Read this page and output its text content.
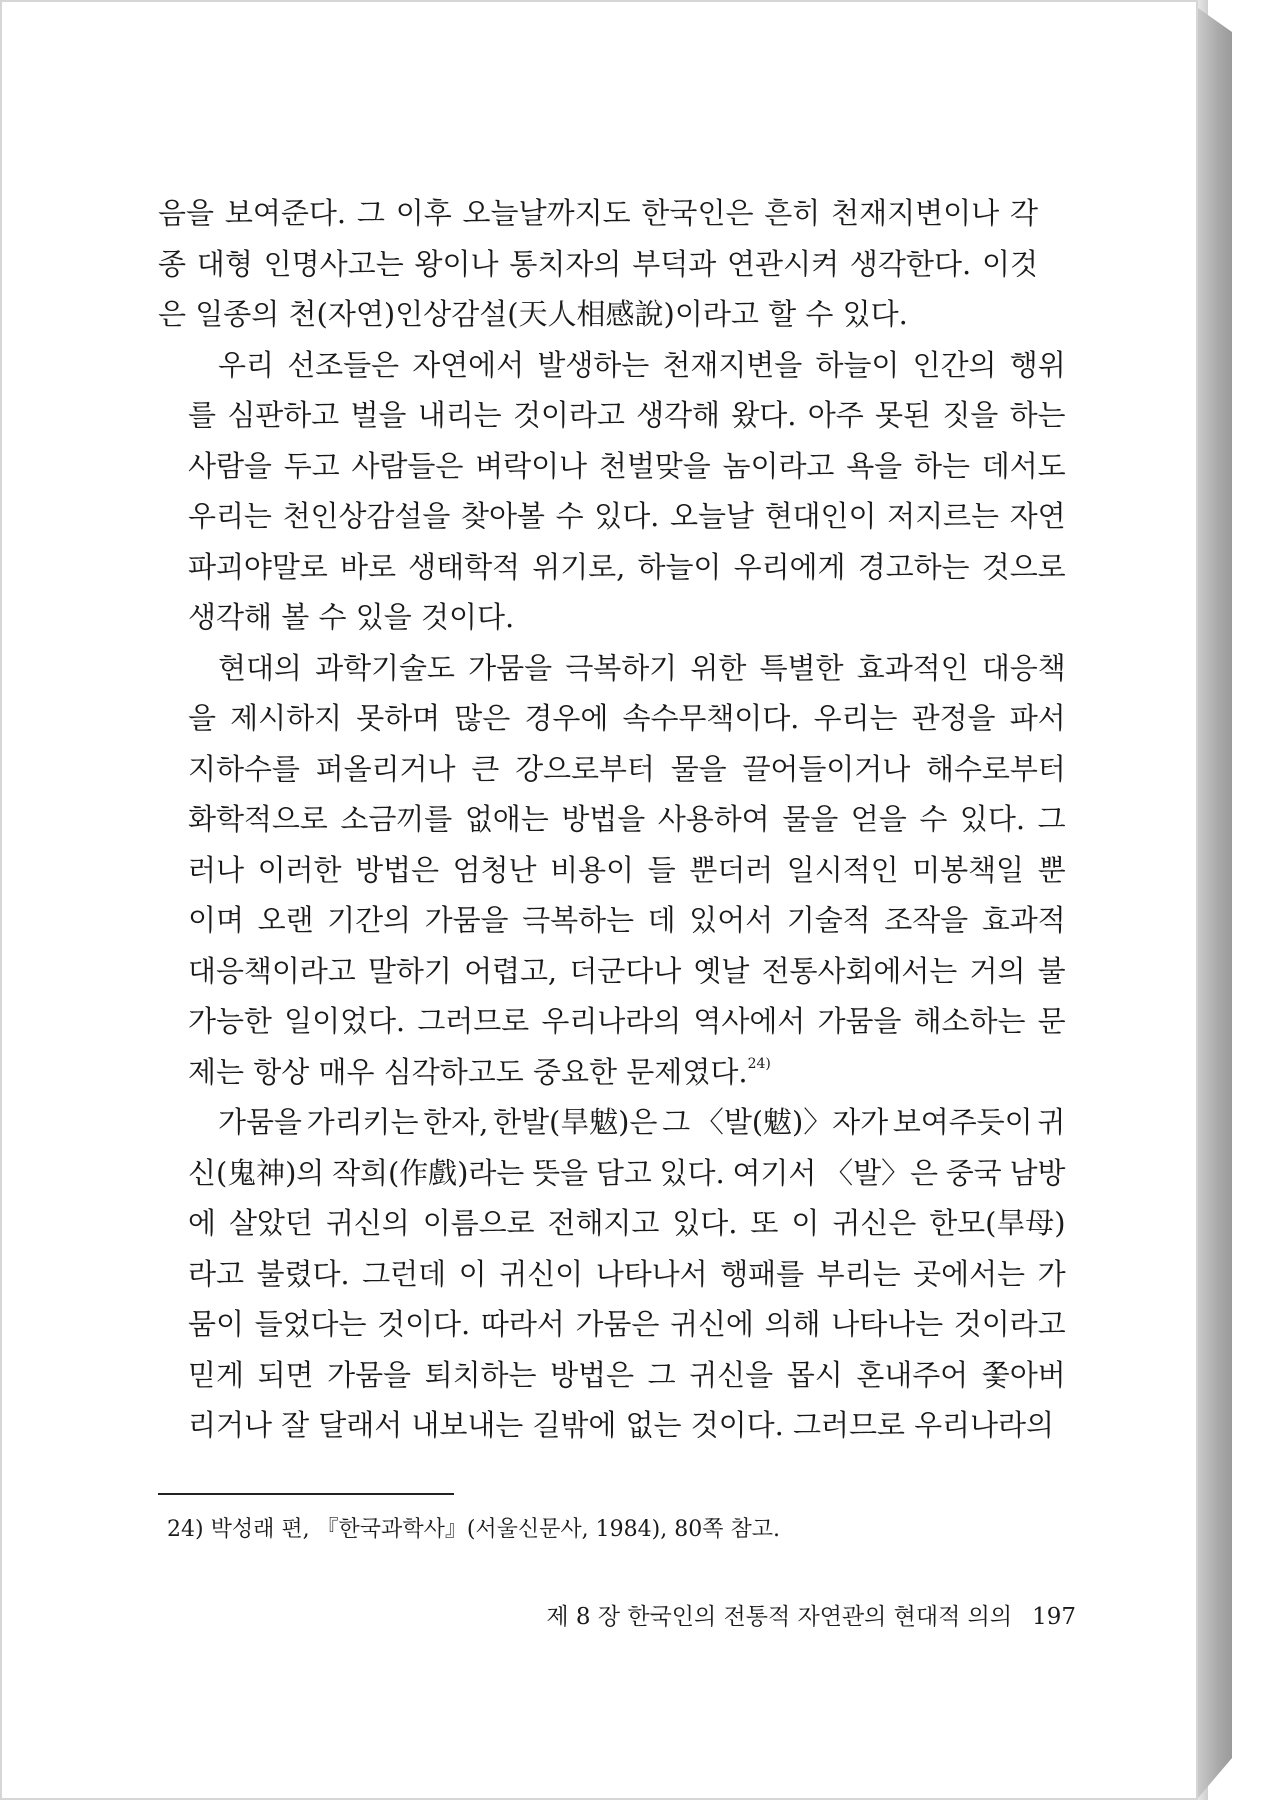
음을 보여준다. 그 이후 오늘날까지도 한국인은 흔히 천재지변이나 각
종 대형 인명사고는 왕이나 통치자의 부덕과 연관시켜 생각한다. 이것
은 일종의 천(자연)인상감설(天人相感說)이라고 할 수 있다.
우리 선조들은 자연에서 발생하는 천재지변을 하늘이 인간의 행위
를 심판하고 벌을 내리는 것이라고 생각해 왔다. 아주 못된 짓을 하는
사람을 두고 사람들은 벼락이나 천벌맞을 놈이라고 욕을 하는 데서도
우리는 천인상감설을 찾아볼 수 있다. 오늘날 현대인이 저지르는 자연
파괴야말로 바로 생태학적 위기로, 하늘이 우리에게 경고하는 것으로
생각해 볼 수 있을 것이다.
현대의 과학기술도 가뭄을 극복하기 위한 특별한 효과적인 대응책
을 제시하지 못하며 많은 경우에 속수무책이다. 우리는 관정을 파서
지하수를 퍼올리거나 큰 강으로부터 물을 끌어들이거나 해수로부터
화학적으로 소금끼를 없애는 방법을 사용하여 물을 얻을 수 있다. 그
러나 이러한 방법은 엄청난 비용이 들 뿐더러 일시적인 미봉책일 뿐
이며 오랜 기간의 가뭄을 극복하는 데 있어서 기술적 조작을 효과적
대응책이라고 말하기 어렵고, 더군다나 옛날 전통사회에서는 거의 불
가능한 일이었다. 그러므로 우리나라의 역사에서 가뭄을 해소하는 문
제는 항상 매우 심각하고도 중요한 문제였다.$^{24)}$
가뭄을 가리키는 한자, 한발(旱魃)은 그 〈발(魃)〉자가 보여주듯이 귀
신(鬼神)의 작희(作戲)라는 뜻을 담고 있다. 여기서 〈발〉은 중국 남방
에 살았던 귀신의 이름으로 전해지고 있다. 또 이 귀신은 한모(旱母)
라고 불렸다. 그런데 이 귀신이 나타나서 행패를 부리는 곳에서는 가
뭄이 들었다는 것이다. 따라서 가뭄은 귀신에 의해 나타나는 것이라고
믿게 되면 가뭄을 퇴치하는 방법은 그 귀신을 몹시 혼내주어 쫓아버
리거나 잘 달래서 내보내는 길밖에 없는 것이다. 그러므로 우리나라의
24) 박성래 편, 『한국과학사』(서울신문사, 1984), 80쪽 참고.
제 8 장 한국인의 전통적 자연관의 현대적 의의 197
